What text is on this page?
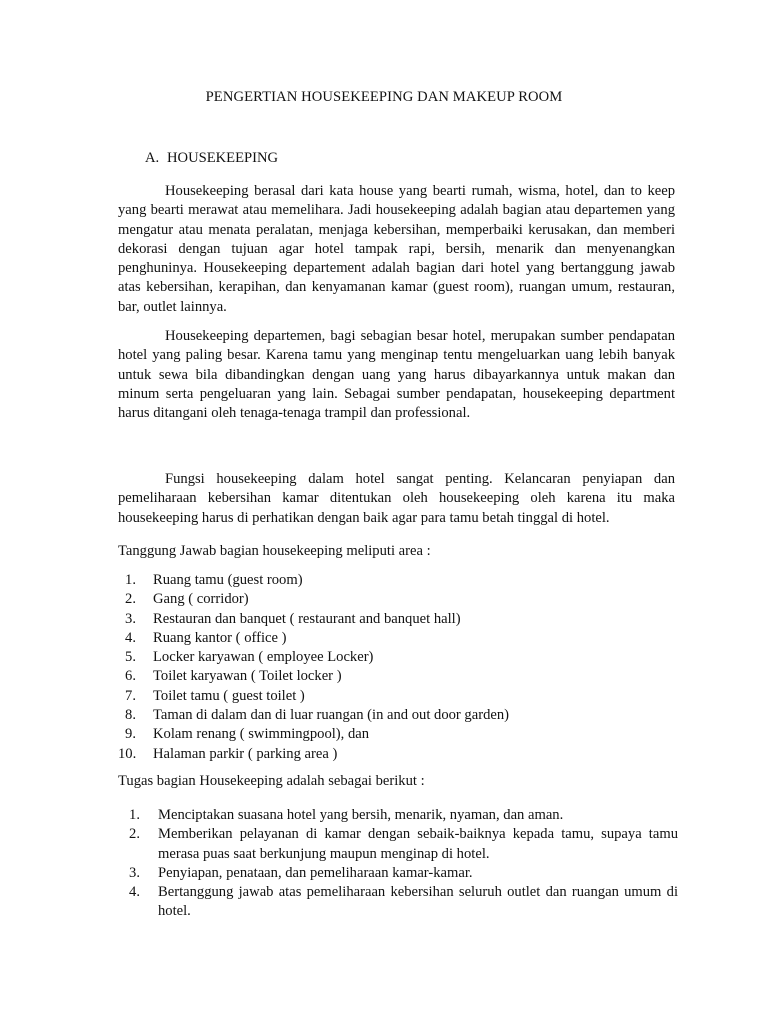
PENGERTIAN HOUSEKEEPING DAN MAKEUP ROOM
A. HOUSEKEEPING

Housekeeping berasal dari kata house yang bearti rumah, wisma, hotel, dan to keep yang bearti merawat atau memelihara. Jadi housekeeping adalah bagian atau departemen yang mengatur atau menata peralatan, menjaga kebersihan, memperbaiki kerusakan, dan memberi dekorasi dengan tujuan agar hotel tampak rapi, bersih, menarik dan menyenangkan penghuninya. Housekeeping departement adalah bagian dari hotel yang bertanggung jawab atas kebersihan, kerapihan, dan kenyamanan kamar (guest room), ruangan umum, restauran, bar, outlet lainnya.

Housekeeping departemen, bagi sebagian besar hotel, merupakan sumber pendapatan hotel yang paling besar. Karena tamu yang menginap tentu mengeluarkan uang lebih banyak untuk sewa bila dibandingkan dengan uang yang harus dibayarkannya untuk makan dan minum serta pengeluaran yang lain. Sebagai sumber pendapatan, housekeeping department harus ditangani oleh tenaga-tenaga trampil dan professional.

Fungsi housekeeping dalam hotel sangat penting. Kelancaran penyiapan dan pemeliharaan kebersihan kamar ditentukan oleh housekeeping oleh karena itu maka housekeeping harus di perhatikan dengan baik agar para tamu betah tinggal di hotel.

Tanggung Jawab bagian housekeeping meliputi area :

1.	Ruang tamu (guest room)
2.	Gang ( corridor)
3.	Restauran dan banquet ( restaurant and banquet hall)
4.	Ruang kantor ( office )
5.	Locker karyawan ( employee Locker)
6.	Toilet karyawan ( Toilet locker )
7.	Toilet tamu ( guest toilet )
8.	Taman di dalam dan di luar ruangan (in and out door garden)
9.	Kolam renang ( swimmingpool), dan
10.	Halaman parkir ( parking area )

Tugas bagian Housekeeping adalah sebagai berikut :

1.	Menciptakan suasana hotel yang bersih, menarik, nyaman, dan aman.
2.	Memberikan pelayanan di kamar dengan sebaik-baiknya kepada tamu, supaya tamu merasa puas saat berkunjung maupun menginap di hotel.
3.	Penyiapan, penataan, dan pemeliharaan kamar-kamar.
4.	Bertanggung jawab atas pemeliharaan kebersihan seluruh outlet dan ruangan umum di hotel.
